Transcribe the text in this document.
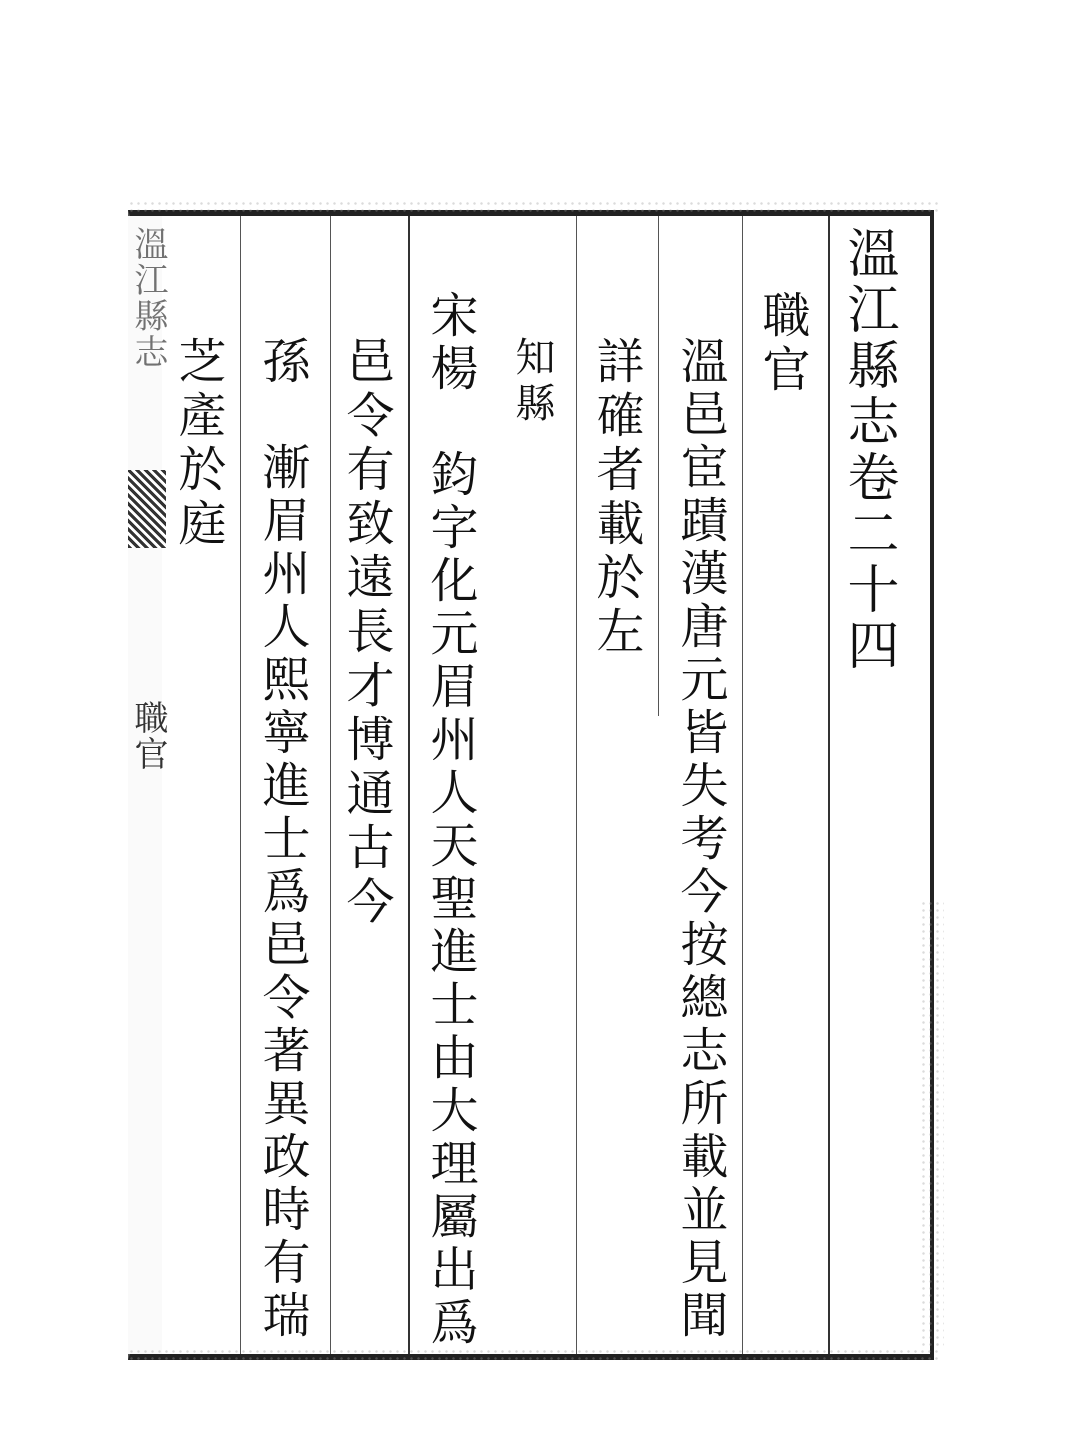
溫江縣志
職官
溫江縣志卷二十四
職官
溫邑宦蹟漢唐元皆失考今按總志所載並見聞
詳確者載於左
知縣
宋楊　鈞字化元眉州人天聖進士由大理屬出爲
邑令有致遠長才博通古今
孫　漸眉州人熙寧進士爲邑令著異政時有瑞
芝產於庭
